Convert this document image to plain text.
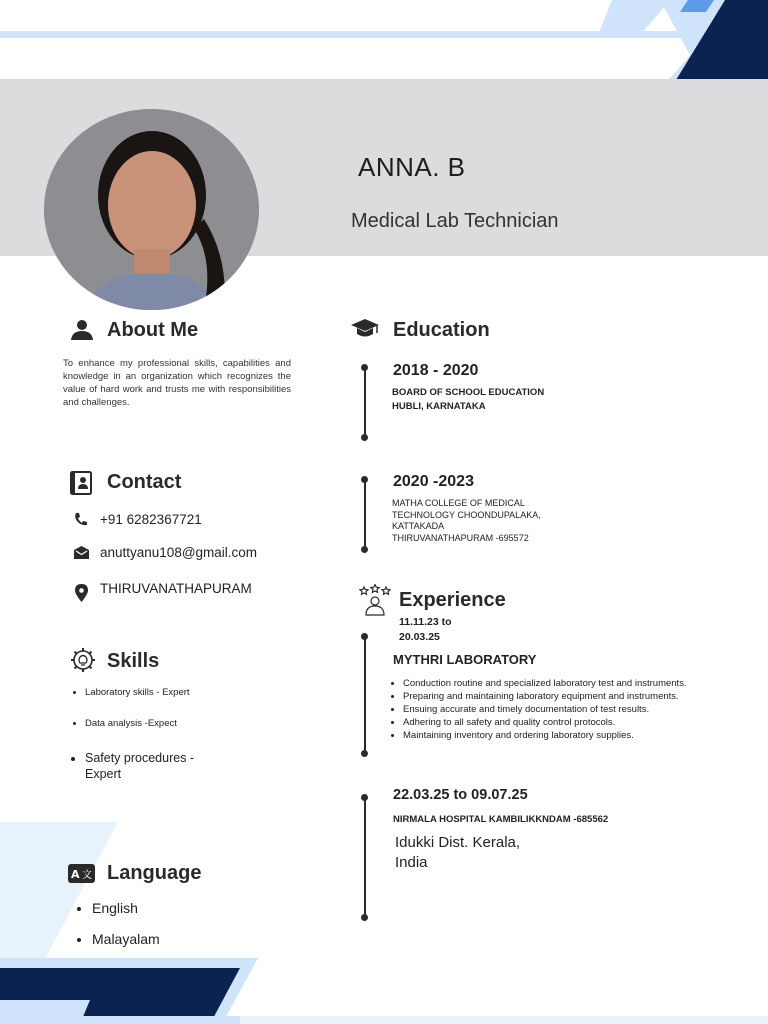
ANNA. B
Medical Lab Technician
About Me
To enhance my professional skills, capabilities and knowledge in an organization which recognizes the value of hard work and trusts me with responsibilities and challenges.
Contact
+91 6282367721
anuttyanu108@gmail.com
THIRUVANATHAPURAM
Skills
• Laboratory skills - Expert
• Data analysis -Expect
• Safety procedures - Expert
A 文 Language
• English
• Malayalam
Education
2018 - 2020
BOARD OF SCHOOL EDUCATION
HUBLI, KARNATAKA
2020 -2023
MATHA COLLEGE OF MEDICAL
TECHNOLOGY CHOONDUPALAKA,
KATTAKADA
THIRUVANATHAPURAM -695572
Experience
11.11.23 to
20.03.25
MYTHRI LABORATORY
• Conduction routine and specialized laboratory test and instruments.
• Preparing and maintaining laboratory equipment and instruments.
• Ensuing accurate and timely documentation of test results.
• Adhering to all safety and quality control protocols.
• Maintaining inventory and ordering laboratory supplies.
22.03.25 to 09.07.25
NIRMALA HOSPITAL KAMBILIKKNDAM -685562
Idukki Dist. Kerala,
India
